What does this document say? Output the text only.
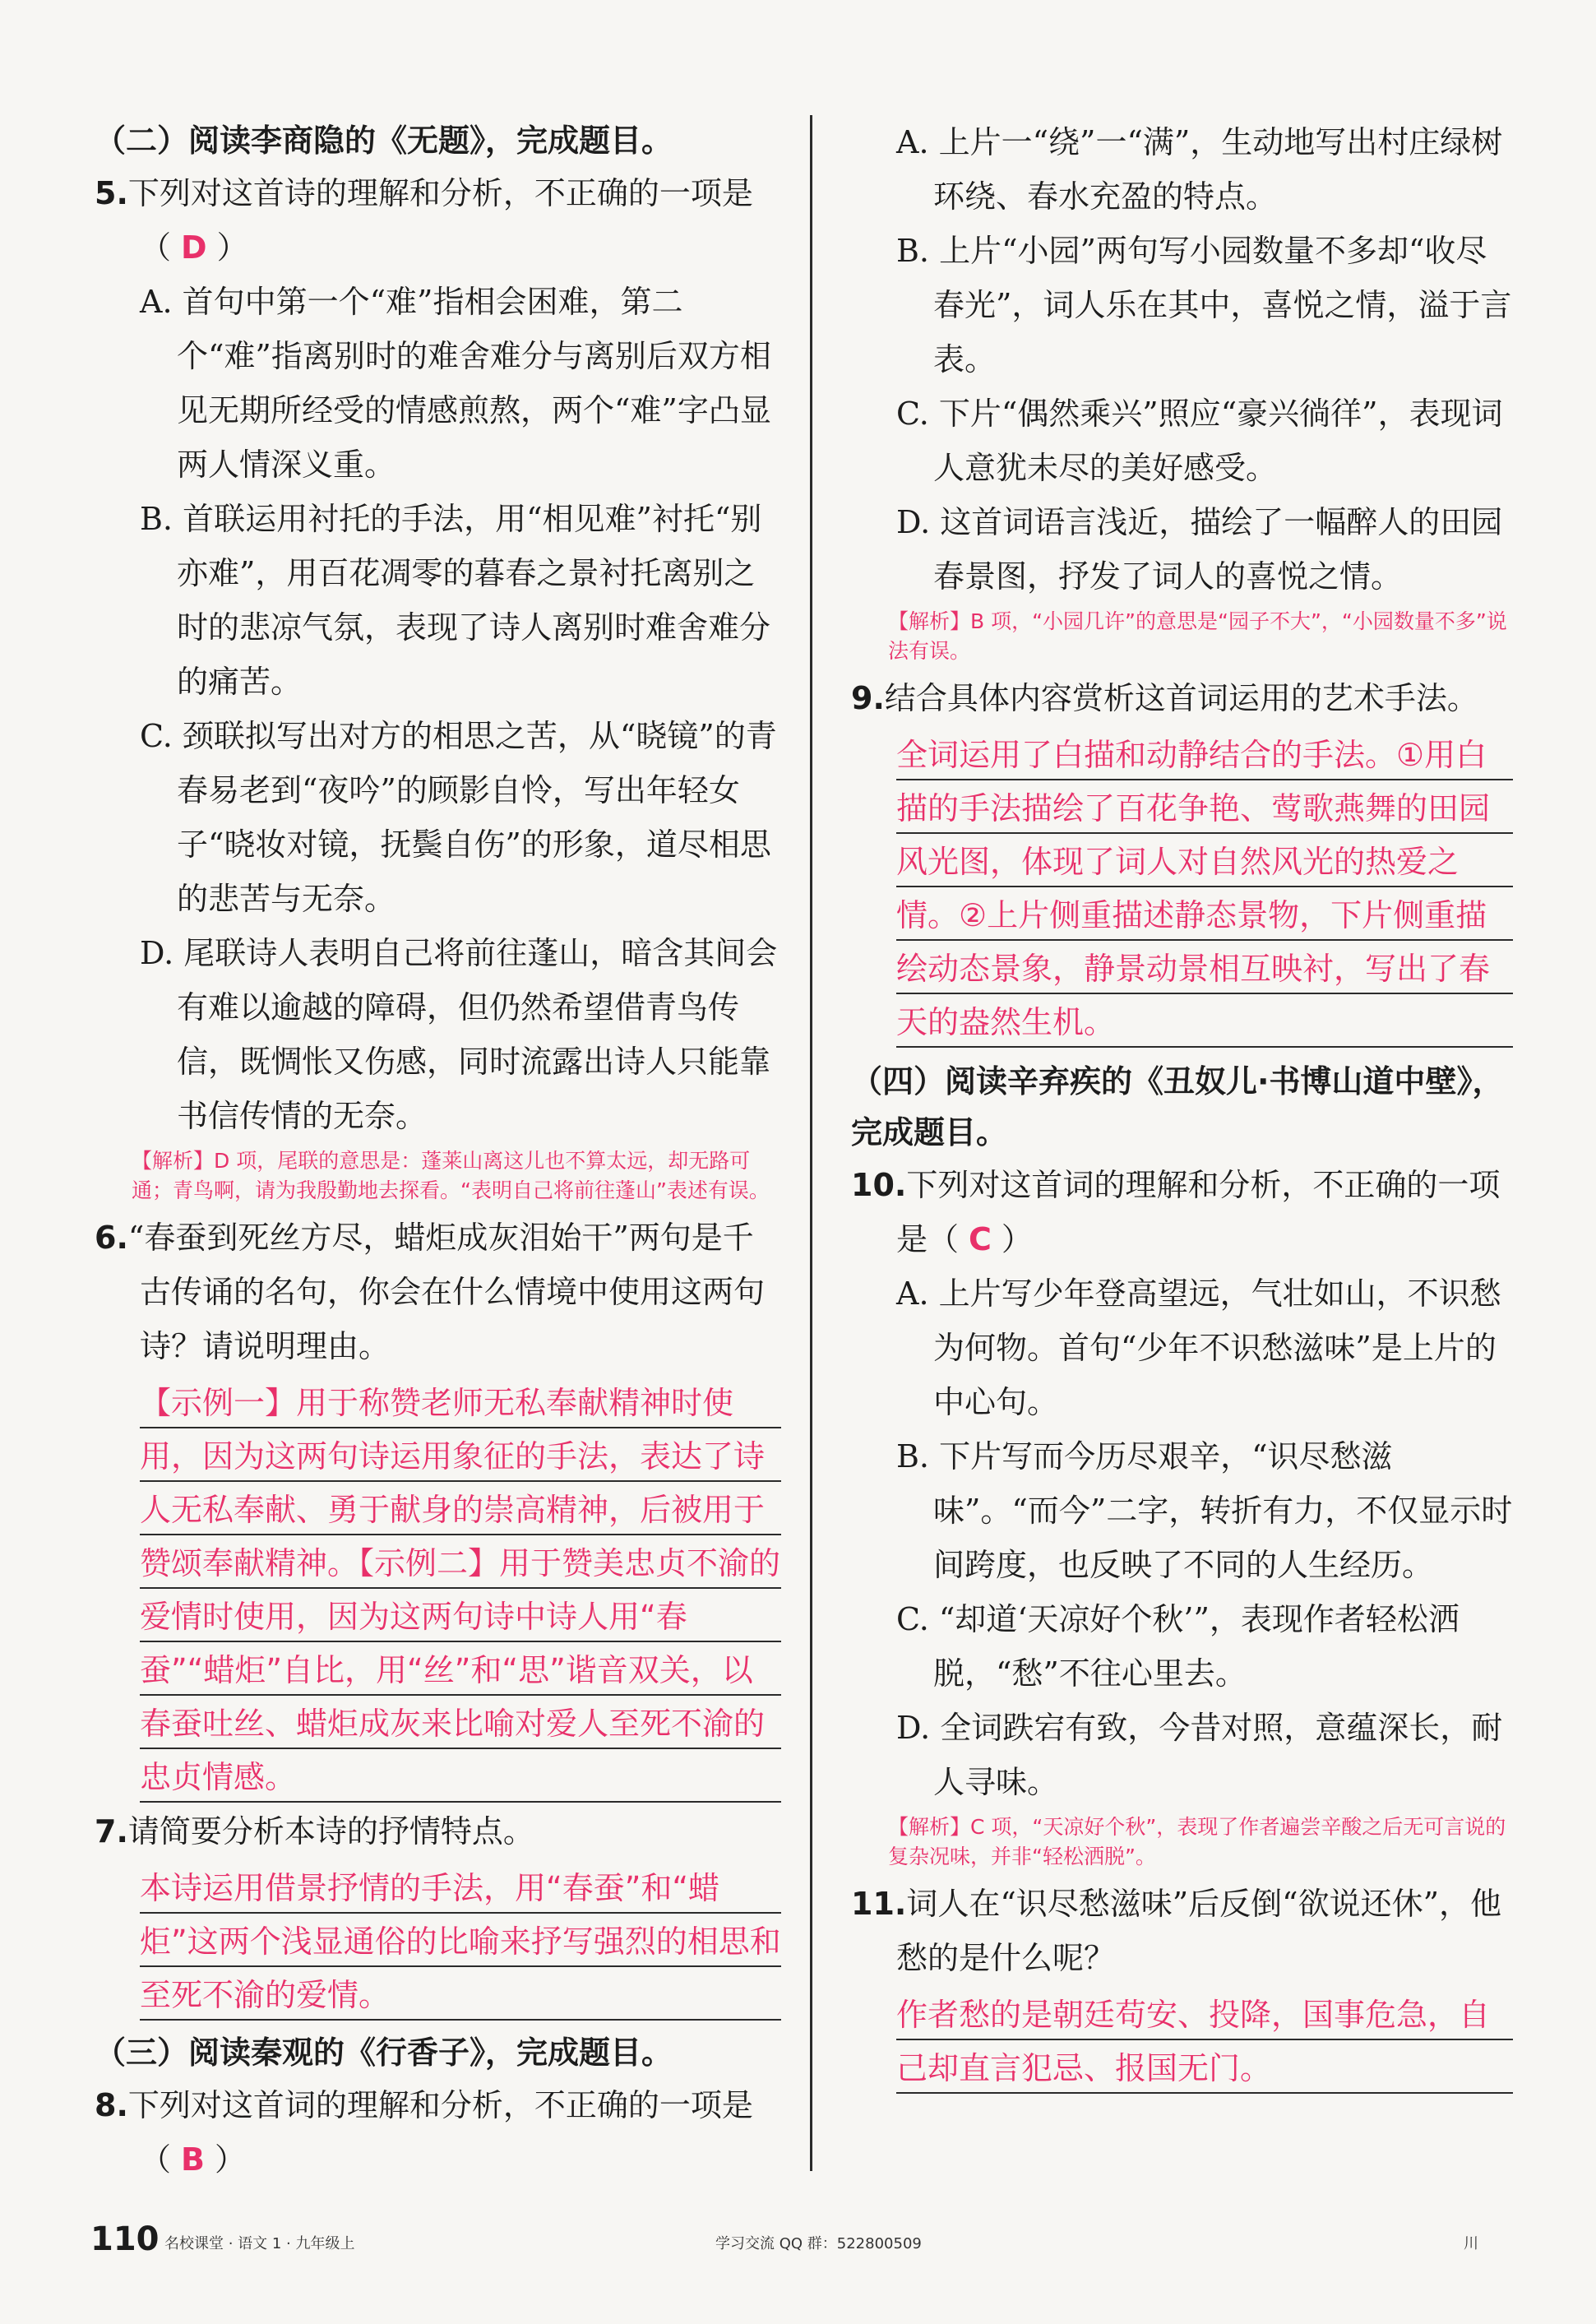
（二）阅读李商隐的《无题》，完成题目。

5.下列对这首诗的理解和分析，不正确的一项是（ D ）

A. 首句中第一个“难”指相会困难，第二个“难”指离别时的难舍难分与离别后双方相见无期所经受的情感煎熬，两个“难”字凸显两人情深义重。

B. 首联运用衬托的手法，用“相见难”衬托“别亦难”，用百花凋零的暮春之景衬托离别之时的悲凉气氛，表现了诗人离别时难舍难分的痛苦。

C. 颈联拟写出对方的相思之苦，从“晓镜”的青春易老到“夜吟”的顾影自怜，写出年轻女子“晓妆对镜，抚鬓自伤”的形象，道尽相思的悲苦与无奈。

D. 尾联诗人表明自己将前往蓬山，暗含其间会有难以逾越的障碍，但仍然希望借青鸟传信，既惆怅又伤感，同时流露出诗人只能靠书信传情的无奈。

【解析】D 项，尾联的意思是：蓬莱山离这儿也不算太远，却无路可通；青鸟啊，请为我殷勤地去探看。“表明自己将前往蓬山”表述有误。

6.“春蚕到死丝方尽，蜡炬成灰泪始干”两句是千古传诵的名句，你会在什么情境中使用这两句诗？请说明理由。

【示例一】用于称赞老师无私奉献精神时使用，因为这两句诗运用象征的手法，表达了诗人无私奉献、勇于献身的崇高精神，后被用于赞颂奉献精神。【示例二】用于赞美忠贞不渝的爱情时使用，因为这两句诗中诗人用“春蚕”“蜡炬”自比，用“丝”和“思”谐音双关，以春蚕吐丝、蜡炬成灰来比喻对爱人至死不渝的忠贞情感。

7.请简要分析本诗的抒情特点。

本诗运用借景抒情的手法，用“春蚕”和“蜡炬”这两个浅显通俗的比喻来抒写强烈的相思和至死不渝的爱情。

（三）阅读秦观的《行香子》，完成题目。

8.下列对这首词的理解和分析，不正确的一项是（ B ）

A. 上片一“绕”一“满”，生动地写出村庄绿树环绕、春水充盈的特点。

B. 上片“小园”两句写小园数量不多却“收尽春光”，词人乐在其中，喜悦之情，溢于言表。

C. 下片“偶然乘兴”照应“豪兴徜徉”，表现词人意犹未尽的美好感受。

D. 这首词语言浅近，描绘了一幅醉人的田园春景图，抒发了词人的喜悦之情。

【解析】B 项，“小园几许”的意思是“园子不大”，“小园数量不多”说法有误。

9.结合具体内容赏析这首词运用的艺术手法。

全词运用了白描和动静结合的手法。①用白描的手法描绘了百花争艳、莺歌燕舞的田园风光图，体现了词人对自然风光的热爱之情。②上片侧重描述静态景物，下片侧重描绘动态景象，静景动景相互映衬，写出了春天的盎然生机。

（四）阅读辛弃疾的《丑奴儿·书博山道中壁》，完成题目。

10.下列对这首词的理解和分析，不正确的一项是（ C ）

A. 上片写少年登高望远，气壮如山，不识愁为何物。首句“少年不识愁滋味”是上片的中心句。

B. 下片写而今历尽艰辛，“识尽愁滋味”。“而今”二字，转折有力，不仅显示时间跨度，也反映了不同的人生经历。

C. “却道‘天凉好个秋’”，表现作者轻松洒脱，“愁”不往心里去。

D. 全词跌宕有致，今昔对照，意蕴深长，耐人寻味。

【解析】C 项，“天凉好个秋”，表现了作者遍尝辛酸之后无可言说的复杂况味，并非“轻松洒脱”。

11.词人在“识尽愁滋味”后反倒“欲说还休”，他愁的是什么呢？

作者愁的是朝廷苟安、投降，国事危急，自己却直言犯忌、报国无门。

110 名校课堂 · 语文 1 · 九年级上	学习交流 QQ 群：522800509	川
